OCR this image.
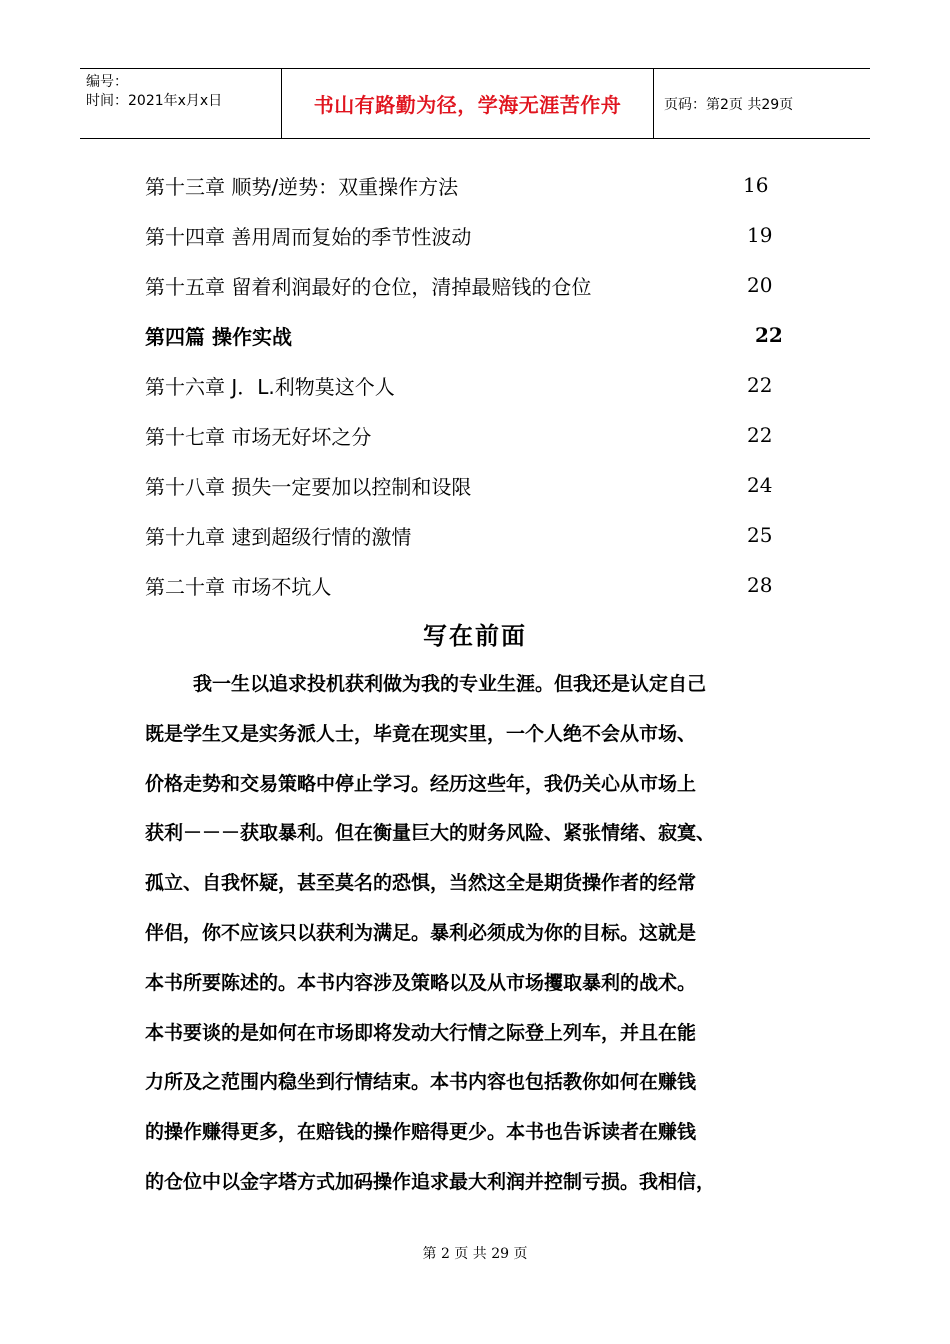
编号：
时间：2021年x月x日	书山有路勤为径，学海无涯苦作舟	页码：第2页 共29页
第十三章 顺势/逆势：双重操作方法	16
第十四章 善用周而复始的季节性波动	19
第十五章 留着利润最好的仓位，清掉最赔钱的仓位	20
第四篇 操作实战	22
第十六章 J．L.利物莫这个人	22
第十七章 市场无好坏之分	22
第十八章 损失一定要加以控制和设限	24
第十九章 逮到超级行情的激情	25
第二十章 市场不坑人	28
写在前面
我一生以追求投机获利做为我的专业生涯。但我还是认定自己
既是学生又是实务派人士，毕竟在现实里，一个人绝不会从市场、
价格走势和交易策略中停止学习。经历这些年，我仍关心从市场上
获利－－－获取暴利。但在衡量巨大的财务风险、紧张情绪、寂寞、
孤立、自我怀疑，甚至莫名的恐惧，当然这全是期货操作者的经常
伴侣，你不应该只以获利为满足。暴利必须成为你的目标。这就是
本书所要陈述的。本书内容涉及策略以及从市场攫取暴利的战术。
本书要谈的是如何在市场即将发动大行情之际登上列车，并且在能
力所及之范围内稳坐到行情结束。本书内容也包括教你如何在赚钱
的操作赚得更多，在赔钱的操作赔得更少。本书也告诉读者在赚钱
的仓位中以金字塔方式加码操作追求最大利润并控制亏损。我相信，
第 2 页 共 29 页
